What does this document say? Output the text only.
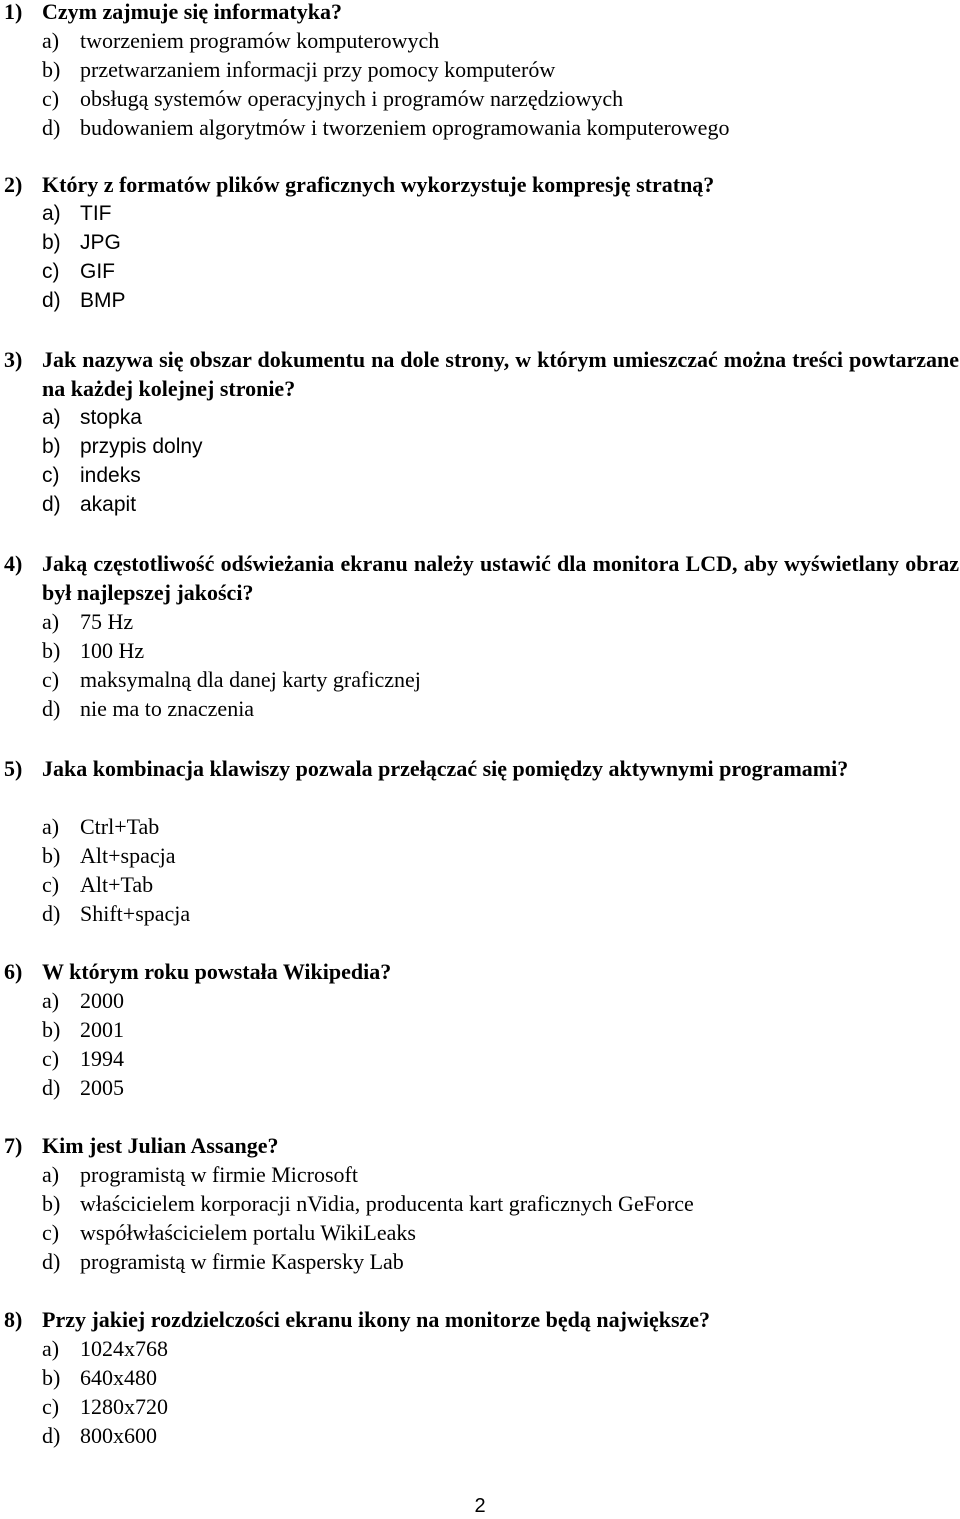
1) Czym zajmuje się informatyka?
a) tworzeniem programów komputerowych
b) przetwarzaniem informacji przy pomocy komputerów
c) obsługą systemów operacyjnych i programów narzędziowych
d) budowaniem algorytmów i tworzeniem oprogramowania komputerowego
2) Który z formatów plików graficznych wykorzystuje kompresję stratną?
a) TIF
b) JPG
c) GIF
d) BMP
3) Jak nazywa się obszar dokumentu na dole strony, w którym umieszczać można treści powtarzane na każdej kolejnej stronie?
a) stopka
b) przypis dolny
c) indeks
d) akapit
4) Jaką częstotliwość odświeżania ekranu należy ustawić dla monitora LCD, aby wyświetlany obraz był najlepszej jakości?
a) 75 Hz
b) 100 Hz
c) maksymalną dla danej karty graficznej
d) nie ma to znaczenia
5) Jaka kombinacja klawiszy pozwala przełączać się pomiędzy aktywnymi programami?
a) Ctrl+Tab
b) Alt+spacja
c) Alt+Tab
d) Shift+spacja
6) W którym roku powstała Wikipedia?
a) 2000
b) 2001
c) 1994
d) 2005
7) Kim jest Julian Assange?
a) programistą w firmie Microsoft
b) właścicielem korporacji nVidia, producenta kart graficznych GeForce
c) współwłaścicielem portalu WikiLeaks
d) programistą w firmie Kaspersky Lab
8) Przy jakiej rozdzielczości ekranu ikony na monitorze będą największe?
a) 1024x768
b) 640x480
c) 1280x720
d) 800x600
2
